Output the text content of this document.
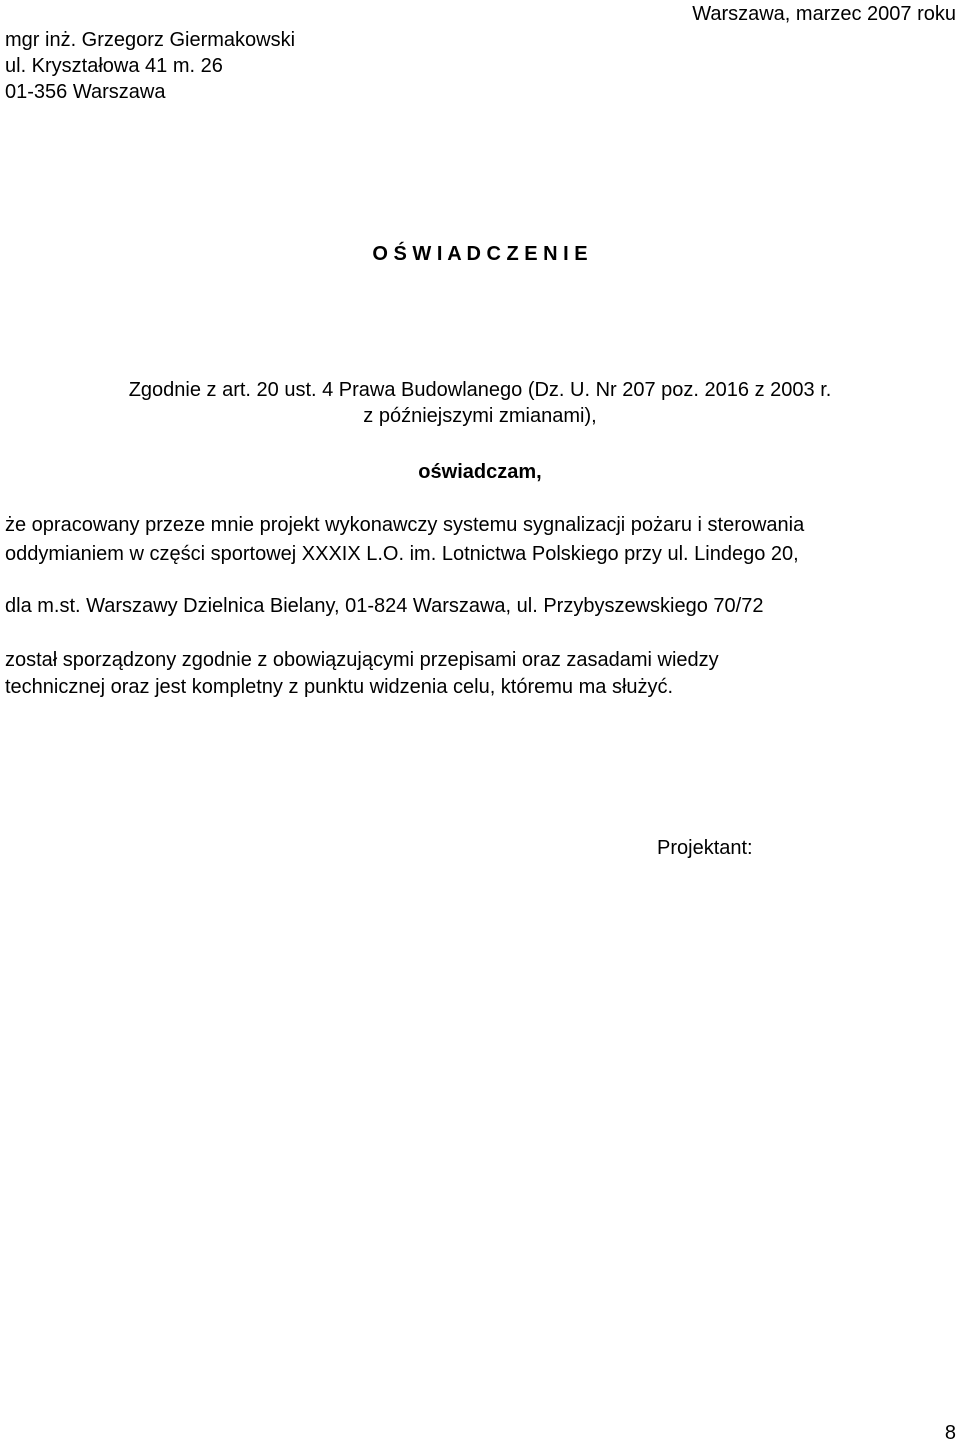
mgr inż. Grzegorz Giermakowski

ul. Kryształowa 41 m. 26

01-356 Warszawa

Warszawa, marzec 2007 roku

O Ś W I A D C Z E N I E

Zgodnie z art. 20 ust. 4 Prawa Budowlanego (Dz. U. Nr 207 poz. 2016 z 2003 r.

z późniejszymi zmianami),

oświadczam,

że opracowany przeze mnie projekt wykonawczy systemu sygnalizacji pożaru i sterowania

oddymianiem w części sportowej XXXIX L.O. im. Lotnictwa Polskiego przy ul. Lindego 20,

dla m.st. Warszawy Dzielnica Bielany, 01-824 Warszawa, ul. Przybyszewskiego 70/72

został sporządzony zgodnie z obowiązującymi przepisami oraz zasadami wiedzy

technicznej oraz jest kompletny z punktu widzenia celu, któremu ma służyć.

Projektant:

8
